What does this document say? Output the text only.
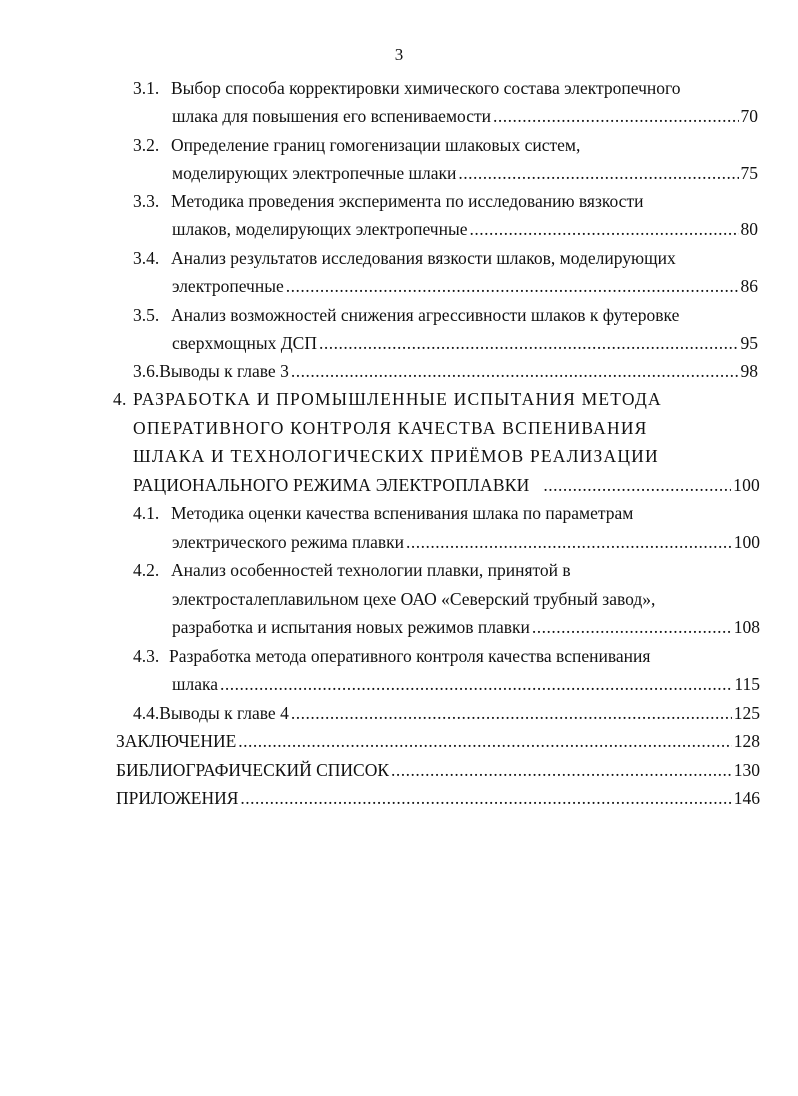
3
3.1. Выбор способа корректировки химического состава электропечного
шлака для повышения его вспениваемости .....	70
3.2. Определение границ гомогенизации шлаковых систем,
моделирующих электропечные шлаки .....	75
3.3. Методика проведения эксперимента по исследованию вязкости
шлаков, моделирующих электропечные .....	80
3.4. Анализ результатов исследования вязкости шлаков, моделирующих
электропечные .....	86
3.5. Анализ возможностей снижения агрессивности шлаков к футеровке
сверхмощных ДСП .....	95
3.6. Выводы к главе 3 .....	98
4. РАЗРАБОТКА И ПРОМЫШЛЕННЫЕ ИСПЫТАНИЯ МЕТОДА
ОПЕРАТИВНОГО КОНТРОЛЯ КАЧЕСТВА ВСПЕНИВАНИЯ
ШЛАКА И ТЕХНОЛОГИЧЕСКИХ ПРИЁМОВ РЕАЛИЗАЦИИ
РАЦИОНАЛЬНОГО РЕЖИМА ЭЛЕКТРОПЛАВКИ .....	100
4.1. Методика оценки качества вспенивания шлака по параметрам
электрического режима плавки .....	100
4.2. Анализ особенностей технологии плавки, принятой в
электросталеплавильном цехе ОАО «Северский трубный завод»,
разработка и испытания новых режимов плавки .....	108
4.3. Разработка метода оперативного контроля качества вспенивания
шлака .....	115
4.4. Выводы к главе 4 .....	125
ЗАКЛЮЧЕНИЕ .....	128
БИБЛИОГРАФИЧЕСКИЙ СПИСОК .....	130
ПРИЛОЖЕНИЯ .....	146
